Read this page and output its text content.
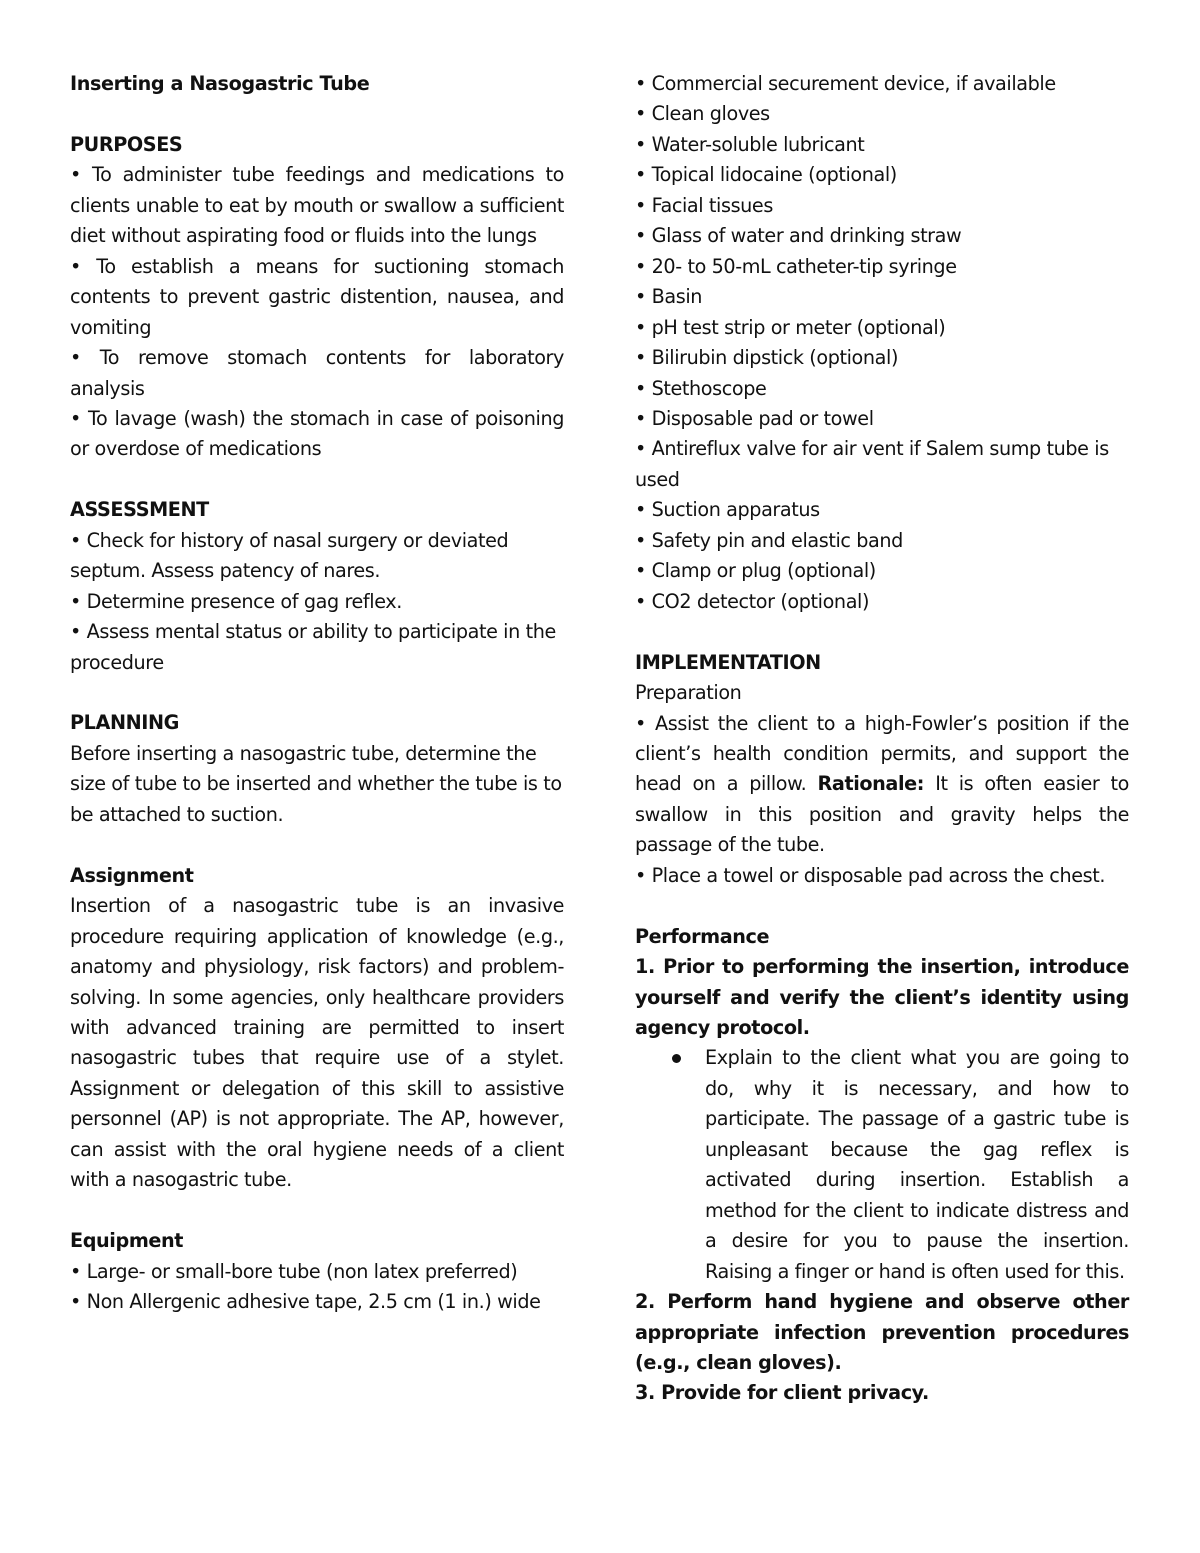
Inserting a Nasogastric Tube

PURPOSES

• To administer tube feedings and medications to clients unable to eat by mouth or swallow a sufficient diet without aspirating food or fluids into the lungs

• To establish a means for suctioning stomach contents to prevent gastric distention, nausea, and vomiting

• To remove stomach contents for laboratory analysis

• To lavage (wash) the stomach in case of poisoning or overdose of medications

ASSESSMENT

• Check for history of nasal surgery or deviated septum. Assess patency of nares.

• Determine presence of gag reflex.

• Assess mental status or ability to participate in the procedure

PLANNING

Before inserting a nasogastric tube, determine the size of tube to be inserted and whether the tube is to be attached to suction.

Assignment

Insertion of a nasogastric tube is an invasive procedure requiring application of knowledge (e.g., anatomy and physiology, risk factors) and problem-solving. In some agencies, only healthcare providers with advanced training are permitted to insert nasogastric tubes that require use of a stylet. Assignment or delegation of this skill to assistive personnel (AP) is not appropriate. The AP, however, can assist with the oral hygiene needs of a client with a nasogastric tube.

Equipment

• Large- or small-bore tube (non latex preferred)

• Non Allergenic adhesive tape, 2.5 cm (1 in.) wide

• Commercial securement device, if available

• Clean gloves

• Water-soluble lubricant

• Topical lidocaine (optional)

• Facial tissues

• Glass of water and drinking straw

• 20- to 50-mL catheter-tip syringe

• Basin

• pH test strip or meter (optional)

• Bilirubin dipstick (optional)

• Stethoscope

• Disposable pad or towel

• Antireflux valve for air vent if Salem sump tube is used

• Suction apparatus

• Safety pin and elastic band

• Clamp or plug (optional)

• CO2 detector (optional)

IMPLEMENTATION

Preparation

• Assist the client to a high-Fowler’s position if the client’s health condition permits, and support the head on a pillow. Rationale: It is often easier to swallow in this position and gravity helps the passage of the tube.

• Place a towel or disposable pad across the chest.

Performance

1. Prior to performing the insertion, introduce yourself and verify the client’s identity using agency protocol.

Explain to the client what you are going to do, why it is necessary, and how to participate. The passage of a gastric tube is unpleasant because the gag reflex is activated during insertion. Establish a method for the client to indicate distress and a desire for you to pause the insertion. Raising a finger or hand is often used for this.

2. Perform hand hygiene and observe other appropriate infection prevention procedures (e.g., clean gloves).

3. Provide for client privacy.
